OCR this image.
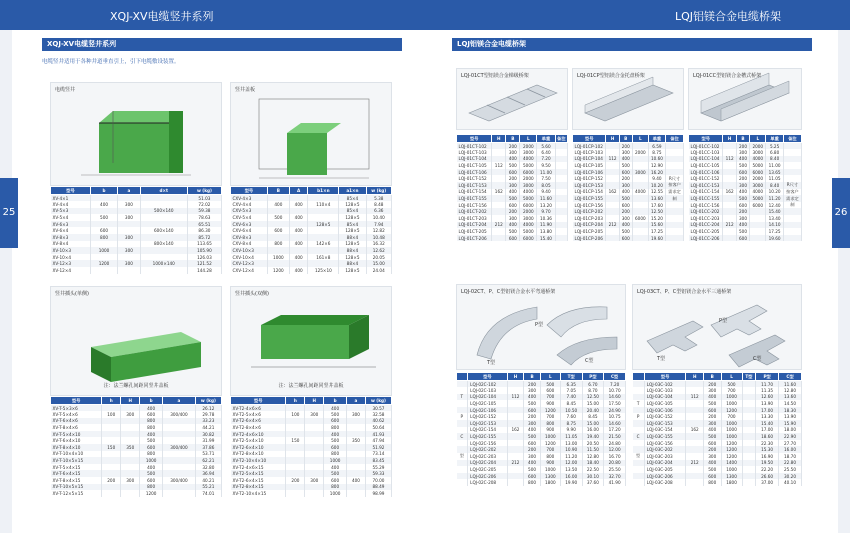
XQJ-XV电缆竖井系列	LQJ铝镁合金电缆桥架
25	26
XQJ-XV电缆竖井系列
电缆竖井适用于各种井道垂直引上，引下电缆敷设装置。
电缆竖井	竖井盖板
型号	b	a	d×t	w (kg)
XV-4×1				51.03
XV-4×4	400	300		72.02
XV-5×3			500×140	59.38
XV-5×4	500	300		78.63
XV-6×3				65.51
XV-6×4	600		600×140	86.30
XV-8×3	800	300		85.72
XV-8×4			800×140	113.65
XV-10×3	1000	300		105.90
XV-10×4				126.03
XV-12×3	1200	300	1000×140	121.52
XV-12×4				144.28
型号	B	A	b1×n	a1×n	w (kg)
CXV-4×3				85×4	5.38
CXV-4×4	400	400	110×4	128×5	8.48
CXV-5×3				85×4	6.36
CXV-5×4	500	400		128×5	10.40
CXV-6×3			128×5	85×4	7.94
CXV-6×4	600	400		128×5	12.82
CXV-8×3				88×4	10.48
CXV-8×4	800	400	142×6	128×5	16.32
CXV-10×3				88×4	12.62
CXV-10×4	1000	400	161×8	128×5	20.05
CXV-12×3				88×4	15.00
CXV-12×4	1200	400	125×10	128×5	24.04
竖井插头(单侧)
注：法兰螺孔间距同竖井盖板
竖井插头(双侧)
注：法兰螺孔间距同竖井盖板
型号	h	H	b	a	w (kg)
XV-T-5×3×6			400		26.12
XV-T-5×4×6	100	300	600	300/400	29.78
XV-T-6×4×6			800		33.23
XV-T-8×4×6			800		44.21
XV-T-5×4×10			400		30.82
XV-T-6×4×10			500		31.99
XV-T-8×4×10	150	350	600	300/400	37.86
XV-T-10×4×10			800		53.71
XV-T-10×5×15			1000		62.21
XV-T-5×4×15			400		32.80
XV-T-6×4×15			500		36.94
XV-T-8×4×15	200	300	600	300/400	40.21
XV-T-10×5×15			800		55.21
XV-T-12×5×15			1200		74.01
型号	h	H	b	a	w (kg)
XV-T2-4×6×6			400		30.57
XV-T2-5×4×6	100	300	500	300	32.58
XV-T2-6×4×6			600		40.62
XV-T2-8×4×6			800		50.64
XV-T2-4×6×10			400		41.93
XV-T2-5×4×10	150		500	350	47.94
XV-T2-6×4×10			600		51.92
XV-T2-8×4×10			800		73.14
XV-T2-10×4×10			1000		83.45
XV-T2-4×6×15			400		55.29
XV-T2-5×4×15			500		59.33
XV-T2-6×4×15	200	300	600	400	70.00
XV-T2-8×4×15			800		88.49
XV-T2-10×4×15			1000		98.99
LQJ铝镁合金电缆桥架
LQJ-01CT型铝镁合金梯级桥架	LQJ-01CP型铝镁合金托盘桥架	LQJ-01CC型铝镁合金槽式桥架
型号	H	B	L	单重	备注
LQJ-01CT-102		200	2000	5.60	
LQJ-01CT-103		300	3000	6.40	
LQJ-01CT-104		400	4000	7.20	
LQJ-01CT-105	112	500	5000	9.50	
LQJ-01CT-106		600	6000	11.00	
LQJ-01CT-152		200	2000	7.50	
LQJ-01CT-153		300	3000	8.05	
LQJ-01CT-154	162	400	4000	9.40	
LQJ-01CT-155		500	5000	11.60	
LQJ-01CT-156		600	6000	13.20	
LQJ-01CT-202		200	2000	9.70	
LQJ-01CT-203		300	3000	10.36	
LQJ-01CT-204	212	400	4000	11.90	
LQJ-01CT-205		500	5000	13.80	
LQJ-01CT-206		600	6000	15.40	
型号	H	B	L	单重	备注
LQJ-01CP-102		200		6.59	
LQJ-01CP-103		300	2000	8.75	
LQJ-01CP-104	112	400		10.60	
LQJ-01CP-105		500		12.90	
LQJ-01CP-106		600	3000	16.20	
LQJ-01CP-152		200		9.40	R尺寸
LQJ-01CP-153		300		10.20	按客户
LQJ-01CP-154	162	400	4000	12.55	需求定
LQJ-01CP-155		500		13.60	制
LQJ-01CP-156		600		17.60	
LQJ-01CP-202		200		12.50	
LQJ-01CP-203		300	6000	15.20	
LQJ-01CP-204	212	400		15.60	
LQJ-01CP-205		500		17.25	
LQJ-01CP-206		600		19.60	
型号	H	B	L	单重	备注
LQJ-01CC-102		200	2000	5.25	
LQJ-01CC-103		300	3000	6.80	
LQJ-01CC-104	112	400	4000	8.40	
LQJ-01CC-105		500	5000	11.00	
LQJ-01CC-106		600	6000	13.65	
LQJ-01CC-152		200	2000	11.05	
LQJ-01CC-153		300	3000	8.40	R尺寸
LQJ-01CC-154	162	400	4000	10.20	按客户
LQJ-01CC-155		500	5000	11.20	需求定
LQJ-01CC-156		600	6000	12.40	制
LQJ-01CC-202		200		15.40	
LQJ-01CC-203		300		13.40	
LQJ-01CC-204	212	400		14.10	
LQJ-01CC-205		500		17.25	
LQJ-01CC-206		600		19.60	
LQJ-02CT、P、C型铝镁合金水平弯通桥架
P型
T型	C型
LQJ-03CT、P、C型铝镁合金水平三通桥架
P型
T型	C型
	型号	H	B	L	T型	P型	C型
	LQJ-02C-102		200	500	6.35	6.70	7.20
	LQJ-02C-103		300	600	7.05	8.70	10.70
T	LQJ-02C-104	112	400	700	7.40	12.50	14.60
	LQJ-02C-105		500	900	8.45	15.00	17.50
	LQJ-02C-106		600	1200	10.50	20.40	24.90
P	LQJ-02C-152		200	700	7.60	8.45	10.75
	LQJ-02C-153		300	800	8.75	15.00	14.60
	LQJ-02C-154	162	400	900	9.90	16.00	17.20
C	LQJ-02C-155		500	1000	11.05	19.40	21.50
	LQJ-02C-156		600	1200	13.00	20.50	24.80
	LQJ-02C-202		200	700	10.90	11.50	12.00
型	LQJ-02C-203		300	800	11.20	12.80	16.70
	LQJ-02C-204	212	400	900	12.00	18.40	20.80
	LQJ-02C-205		500	1000	13.50	22.50	25.50
	LQJ-02C-206		600	1300	16.00	30.10	32.70
	LQJ-02C-208		800	1800	19.90	37.60	41.90
	型号	H	B	L	T型	P型	C型
	LQJ-03C-102		200	500		11.70	11.60
	LQJ-03C-103		300	700		11.35	12.80
	LQJ-03C-104	112	400	1000		12.60	13.60
T	LQJ-03C-105		500	1000		13.90	14.50
	LQJ-03C-106		600	1200		17.00	18.30
P	LQJ-03C-152		200	700		13.30	13.90
	LQJ-03C-153		300	1000		15.40	15.90
	LQJ-03C-154	162	400	1000		17.00	18.00
C	LQJ-03C-155		500	1000		18.60	22.90
	LQJ-03C-156		600	1200		22.30	27.70
	LQJ-03C-202		200	1200		15.30	16.00
型	LQJ-03C-203		300	1200		16.90	18.70
	LQJ-03C-204	212	400	1400		19.50	22.80
	LQJ-03C-205		500	1000		22.20	25.50
	LQJ-03C-206		600	1300		26.60	30.20
	LQJ-03C-208		800	1800		37.00	40.10
